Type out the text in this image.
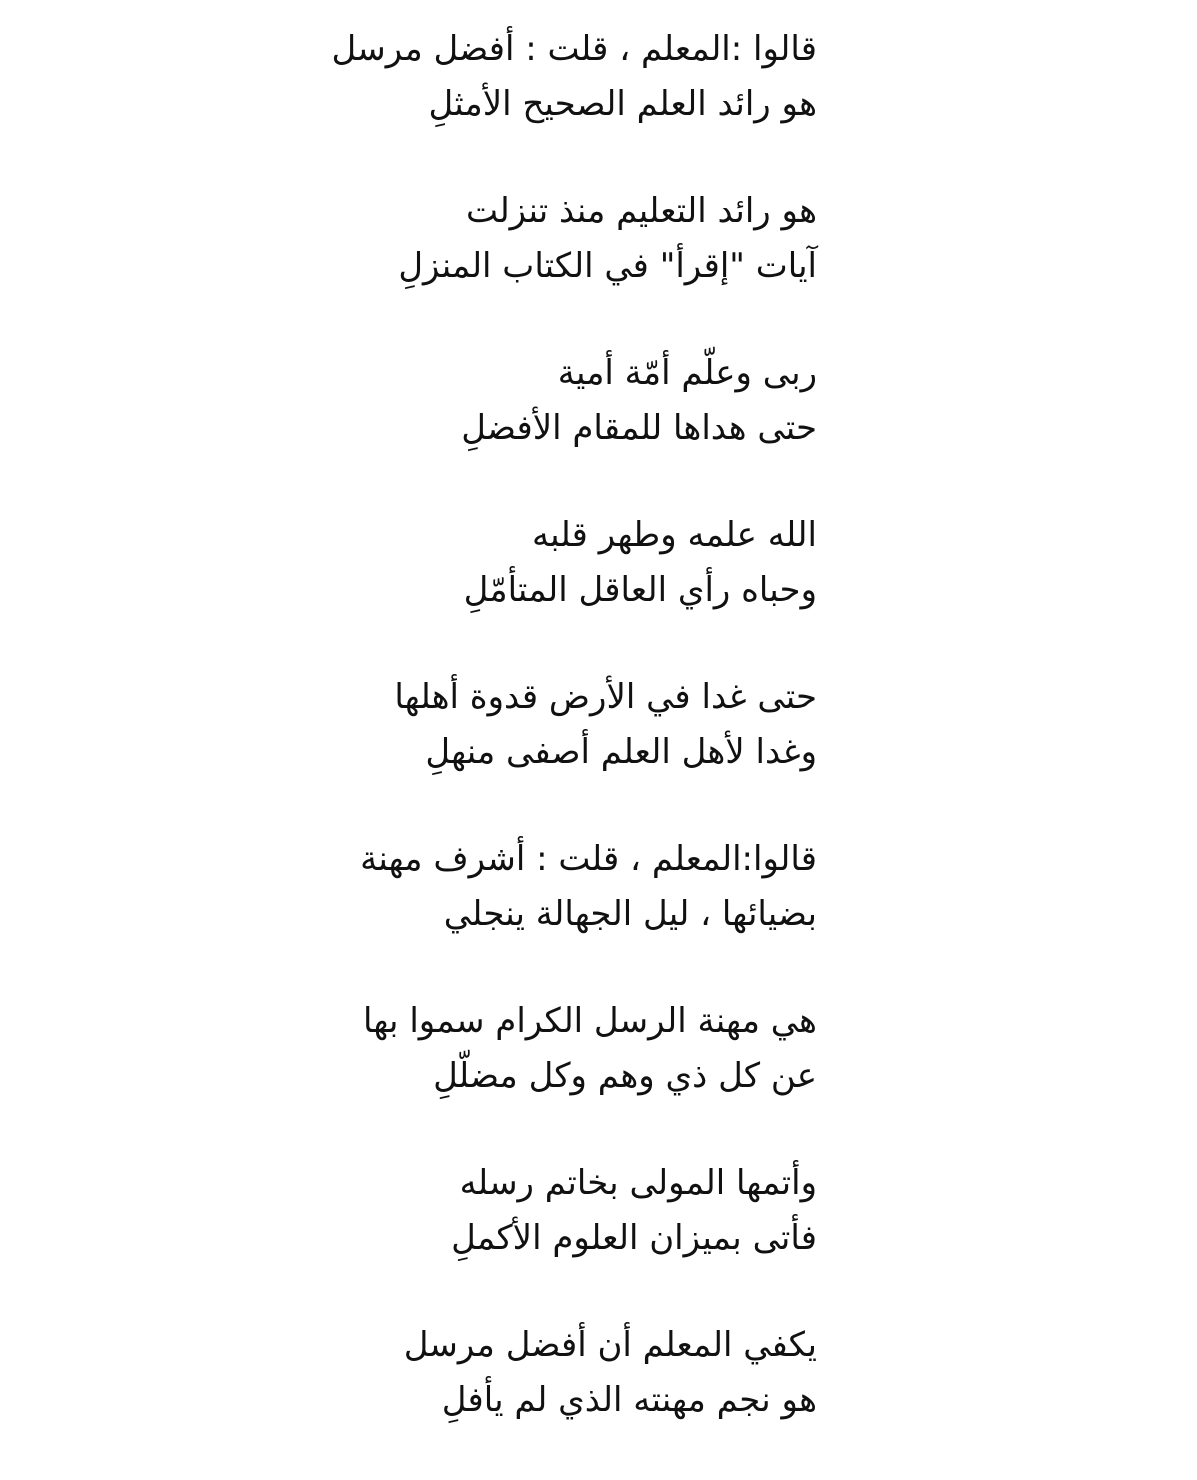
قالوا :المعلم ، قلت : أفضل مرسل
هو رائد العلم الصحيح الأمثلِ
هو رائد التعليم منذ تنزلت
آيات "إقرأ" في الكتاب المنزلِ
ربى وعلّم أمّة أمية
حتى هداها للمقام الأفضلِ
الله علمه وطهر قلبه
وحباه رأي العاقل المتأمّلِ
حتى غدا في الأرض قدوة أهلها
وغدا لأهل العلم أصفى منهلِ
قالوا:المعلم ، قلت : أشرف مهنة
بضيائها ، ليل الجهالة ينجلي
هي مهنة الرسل الكرام سموا بها
عن كل ذي وهم وكل مضلّلِ
وأتمها المولى بخاتم رسله
فأتى بميزان العلوم الأكملِ
يكفي المعلم أن أفضل مرسل
هو نجم مهنته الذي لم يأفلِ
